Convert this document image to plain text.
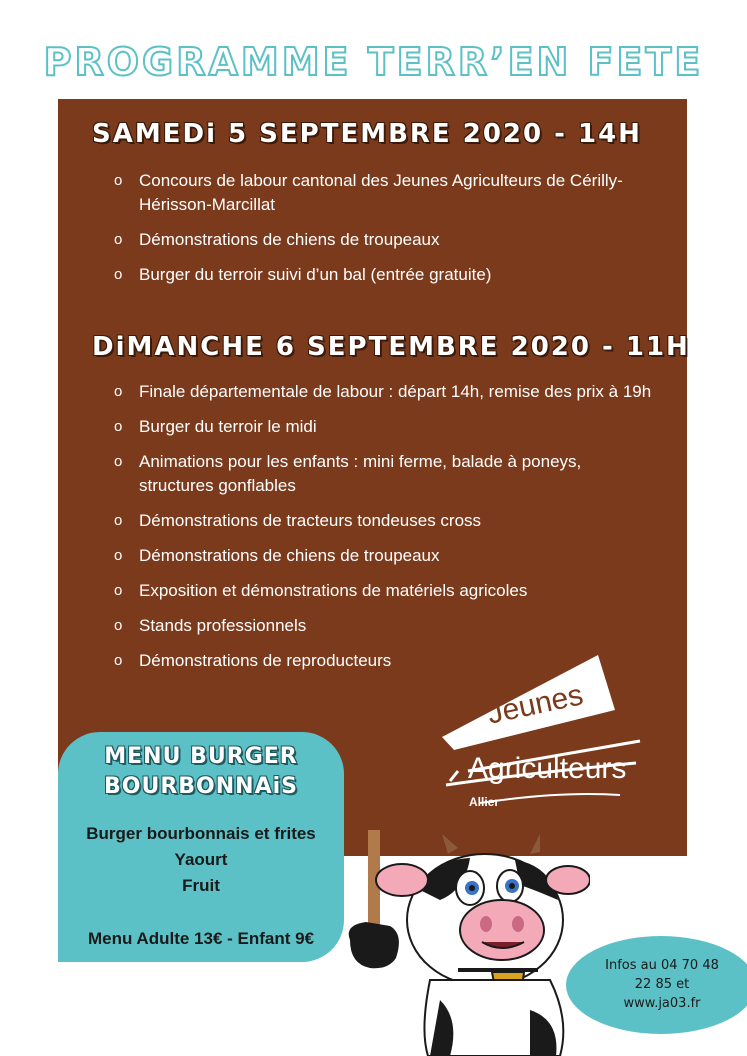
PROGRAMME TERR’EN FETE
SAMEDi 5 SEPTEMBRE 2020 - 14H
o Concours de labour cantonal des Jeunes Agriculteurs de Cérilly-Hérisson-Marcillat
o Démonstrations de chiens de troupeaux
o Burger du terroir suivi d’un bal (entrée gratuite)
DiMANCHE 6 SEPTEMBRE 2020 - 11H
o Finale départementale de labour : départ 14h, remise des prix à 19h
o Burger du terroir le midi
o Animations pour les enfants : mini ferme, balade à poneys, structures gonflables
o Démonstrations de tracteurs tondeuses cross
o Démonstrations de chiens de troupeaux
o Exposition et démonstrations de matériels agricoles
o Stands professionnels
o Démonstrations de reproducteurs
Jeunes
Agriculteurs
Allier
MENU BURGER
BOURBONNAiS
Burger bourbonnais et frites
Yaourt
Fruit
Menu Adulte 13€ - Enfant 9€
Infos au 04 70 48
22 85 et
www.ja03.fr
